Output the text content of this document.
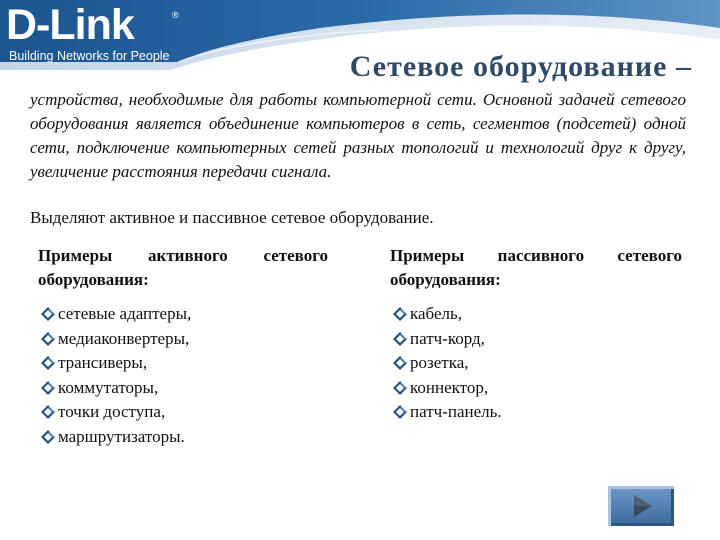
D-Link	®
Building Networks for People	Сетевое оборудование –

устройства, необходимые для работы компьютерной сети. Основной задачей сетевого оборудования является объединение компьютеров в сеть, сегментов (подсетей) одной сети, подключение компьютерных сетей разных топологий и технологий друг к другу, увеличение расстояния передачи сигнала.

Выделяют активное и пассивное сетевое оборудование.

Примеры активного сетевого оборудования:

сетевые адаптеры,
медиаконвертеры,
трансиверы,
коммутаторы,
точки доступа,
маршрутизаторы.

Примеры пассивного сетевого оборудования:

кабель,
патч-корд,
розетка,
коннектор,
патч-панель.
